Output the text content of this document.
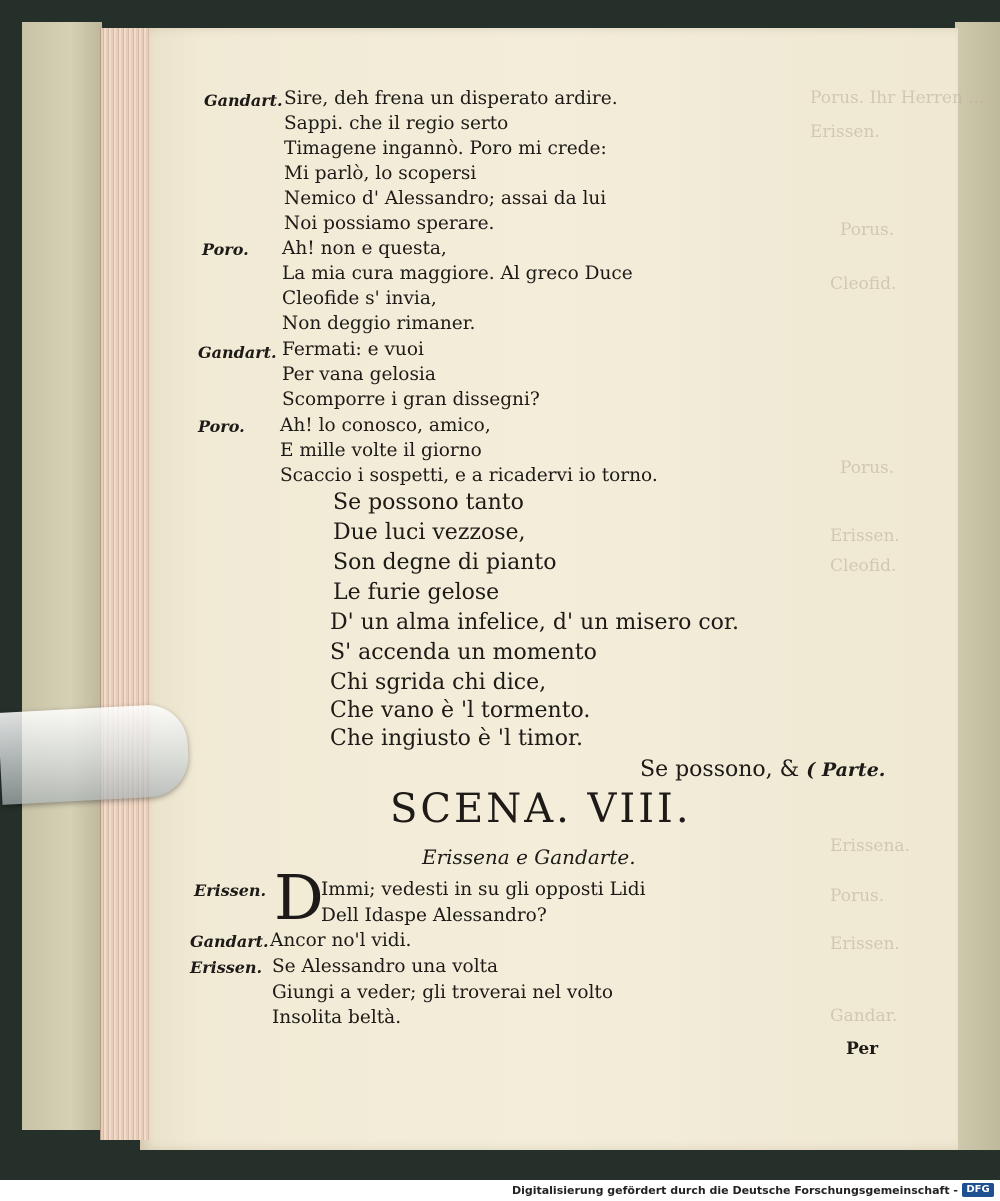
Porus. Ihr Herren ...
Erissen.
Porus.
Cleofid.
Porus.
Erissen.
Cleofid.
Erissena.
Porus.
Erissen.
Gandar.
Gandart.
Poro.
Gandart.
Poro.
Sire, deh frena un disperato ardire.
Sappi. che il regio serto
Timagene ingannò. Poro mi crede:
Mi parlò, lo scopersi
Nemico d' Alessandro; assai da lui
Noi possiamo sperare.
Ah! non e questa,
La mia cura maggiore. Al greco Duce
Cleofide s' invia,
Non deggio rimaner.
Fermati: e vuoi
Per vana gelosia
Scomporre i gran dissegni?
Ah! lo conosco, amico,
E mille volte il giorno
Scaccio i sospetti, e a ricadervi io torno.
Se possono tanto
Due luci vezzose,
Son degne di pianto
Le furie gelose
D' un alma infelice, d' un misero cor.
S' accenda un momento
Chi sgrida chi dice,
Che vano è 'l tormento.
Che ingiusto è 'l timor.
Se possono, & ( Parte.
SCENA. VIII.
Erissena e Gandarte.
Erissen. D
Immi; vedesti in su gli opposti Lidi
Dell Idaspe Alessandro?
Gandart. Ancor no'l vidi.
Erissen. Se Alessandro una volta
Giungi a veder; gli troverai nel volto
Insolita beltà.
Per
Digitalisierung gefördert durch die Deutsche Forschungsgemeinschaft - DFG
